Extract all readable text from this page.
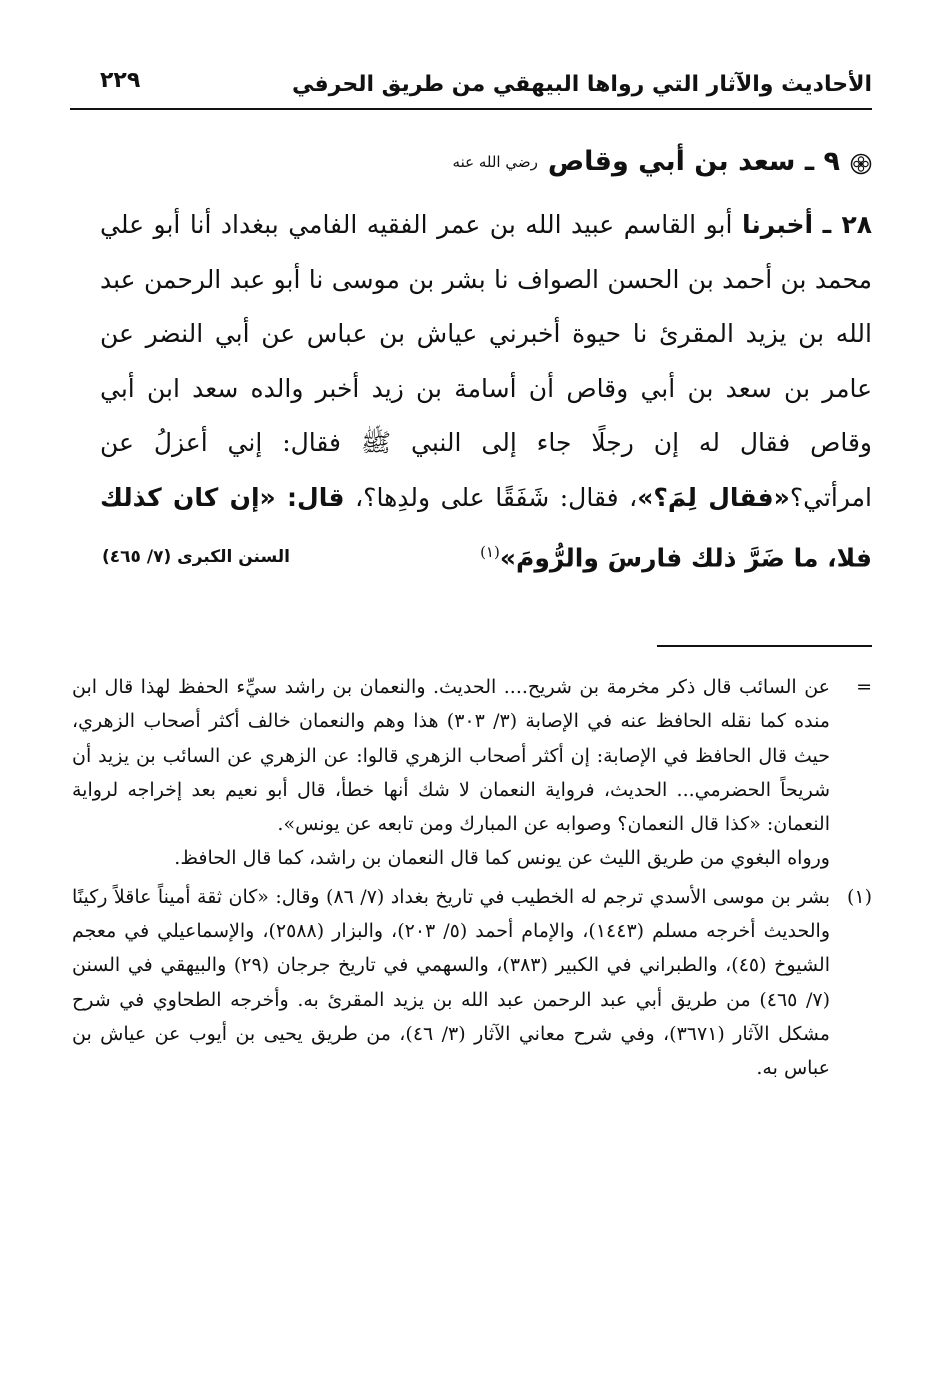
الأحاديث والآثار التي رواها البيهقي من طريق الحرفي
٢٢٩
٩ ـ سعد بن أبي وقاص
رضي الله عنه
٢٨ ـ أخبرنا أبو القاسم عبيد الله بن عمر الفقيه الفامي ببغداد أنا أبو علي محمد بن أحمد بن الحسن الصواف نا بشر بن موسى نا أبو عبد الرحمن عبد الله بن يزيد المقرئ نا حيوة أخبرني عياش بن عباس عن أبي النضر عن عامر بن سعد بن أبي وقاص أن أسامة بن زيد أخبر والده سعد ابن أبي وقاص فقال له إن رجلًا جاء إلى النبي ﷺ فقال: إني أعزلُ عن امرأتي؟«فقال لِمَ؟»، فقال: شَفَقًا على ولدِها؟، قال: «إن كان كذلك فلا، ما ضَرَّ ذلك فارسَ والرُّومَ»$^{(١)}$
السنن الكبرى (٧/ ٤٦٥)
=
عن السائب قال ذكر مخرمة بن شريح.... الحديث. والنعمان بن راشد سيِّء الحفظ لهذا قال ابن منده كما نقله الحافظ عنه في الإصابة (٣/ ٣٠٣) هذا وهم والنعمان خالف أكثر أصحاب الزهري، حيث قال الحافظ في الإصابة: إن أكثر أصحاب الزهري قالوا: عن الزهري عن السائب بن يزيد أن شريحاً الحضرمي... الحديث، فرواية النعمان لا شك أنها خطأ، قال أبو نعيم بعد إخراجه لرواية النعمان: «كذا قال النعمان؟ وصوابه عن المبارك ومن تابعه عن يونس».
ورواه البغوي من طريق الليث عن يونس كما قال النعمان بن راشد، كما قال الحافظ.
(١)
بشر بن موسى الأسدي ترجم له الخطيب في تاريخ بغداد (٧/ ٨٦) وقال: «كان ثقة أميناً عاقلاً ركينًا والحديث أخرجه مسلم (١٤٤٣)، والإمام أحمد (٥/ ٢٠٣)، والبزار (٢٥٨٨)، والإسماعيلي في معجم الشيوخ (٤٥)، والطبراني في الكبير (٣٨٣)، والسهمي في تاريخ جرجان (٢٩) والبيهقي في السنن (٧/ ٤٦٥) من طريق أبي عبد الرحمن عبد الله بن يزيد المقرئ به. وأخرجه الطحاوي في شرح مشكل الآثار (٣٦٧١)، وفي شرح معاني الآثار (٣/ ٤٦)، من طريق يحيى بن أيوب عن عياش بن عباس به.
